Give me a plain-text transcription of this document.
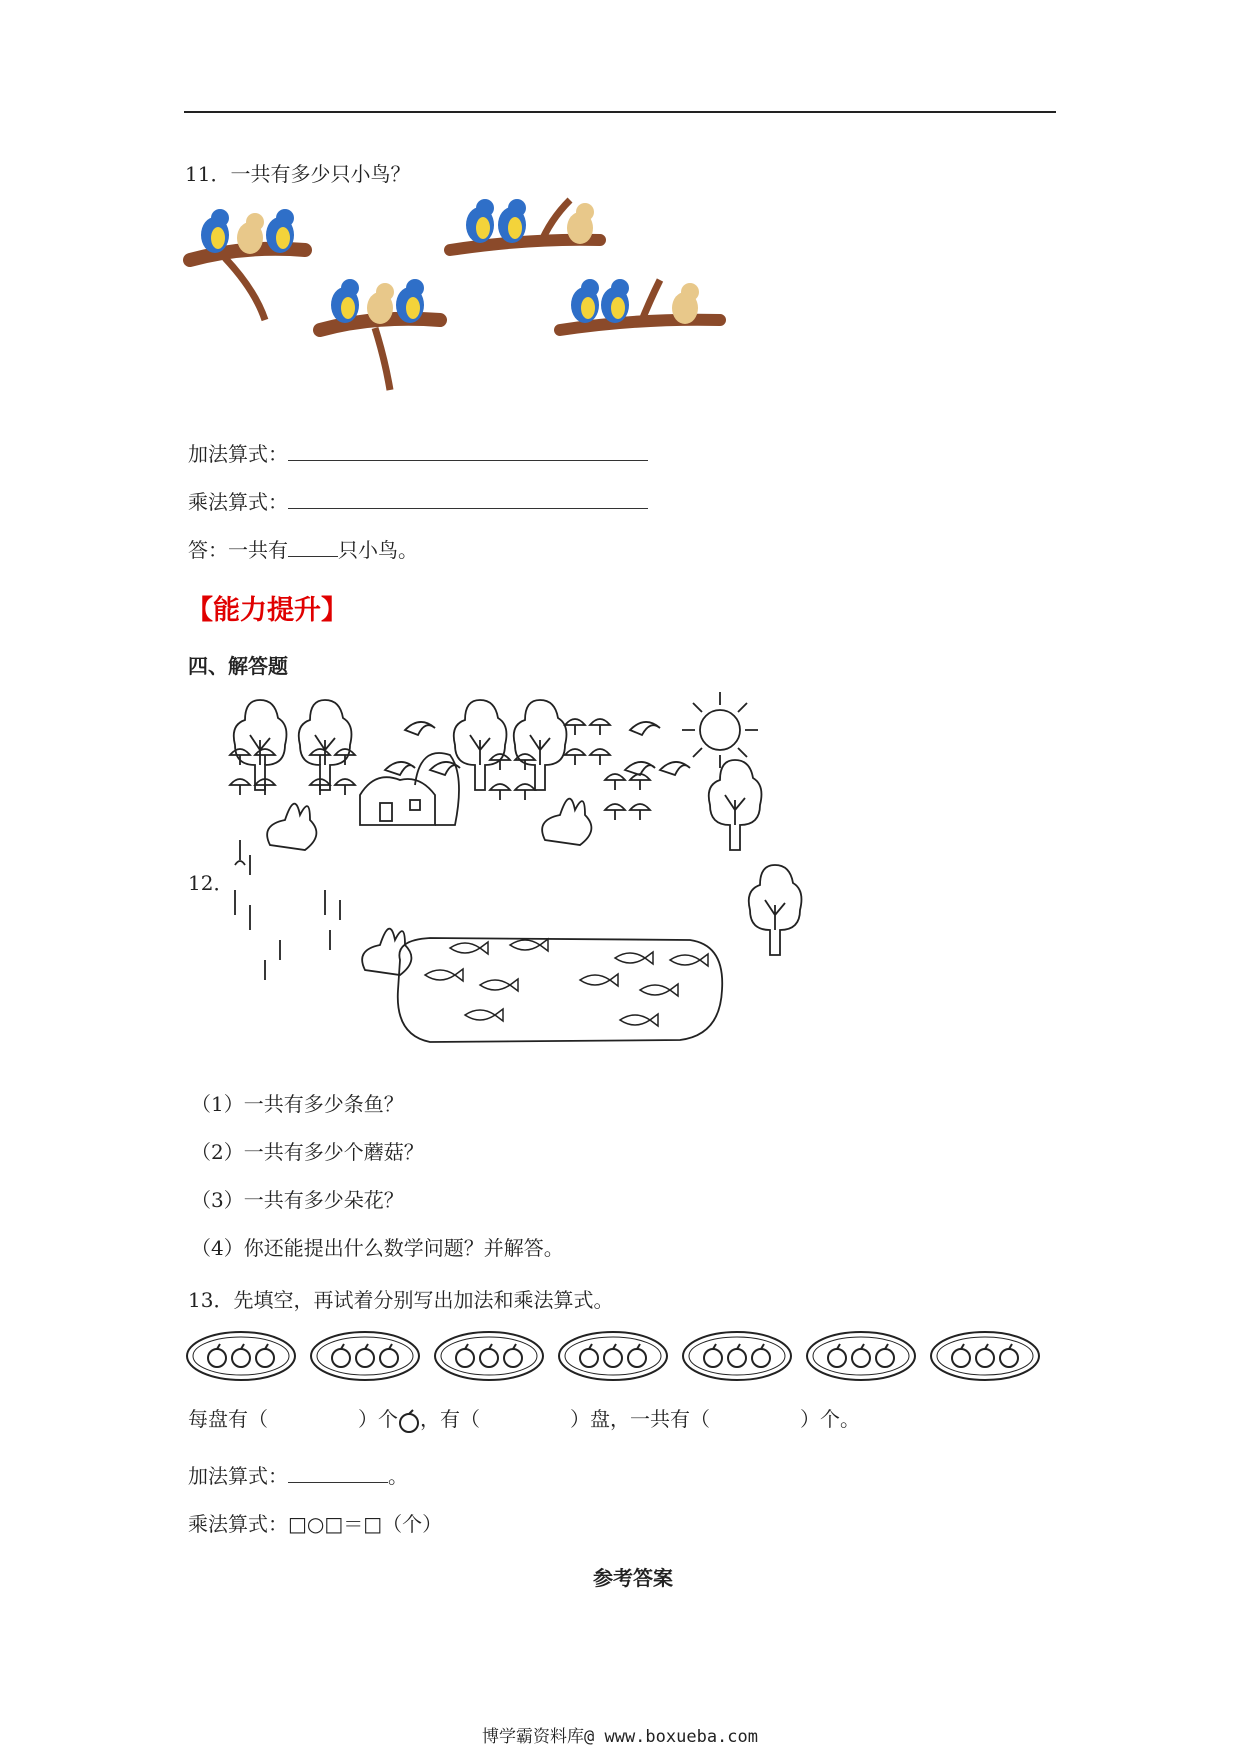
11．一共有多少只小鸟？
加法算式：
乘法算式：
答：一共有	只小鸟。
【能力提升】
四、解答题
12．
（1）一共有多少条鱼？
（2）一共有多少个蘑菇？
（3）一共有多少朵花？
（4）你还能提出什么数学问题？并解答。
13．先填空，再试着分别写出加法和乘法算式。
每盘有（	）个 ，有（	）盘，一共有（	）个。
加法算式：	。
乘法算式：□○□＝□（个）
参考答案
博学霸资料库@ www.boxueba.com
